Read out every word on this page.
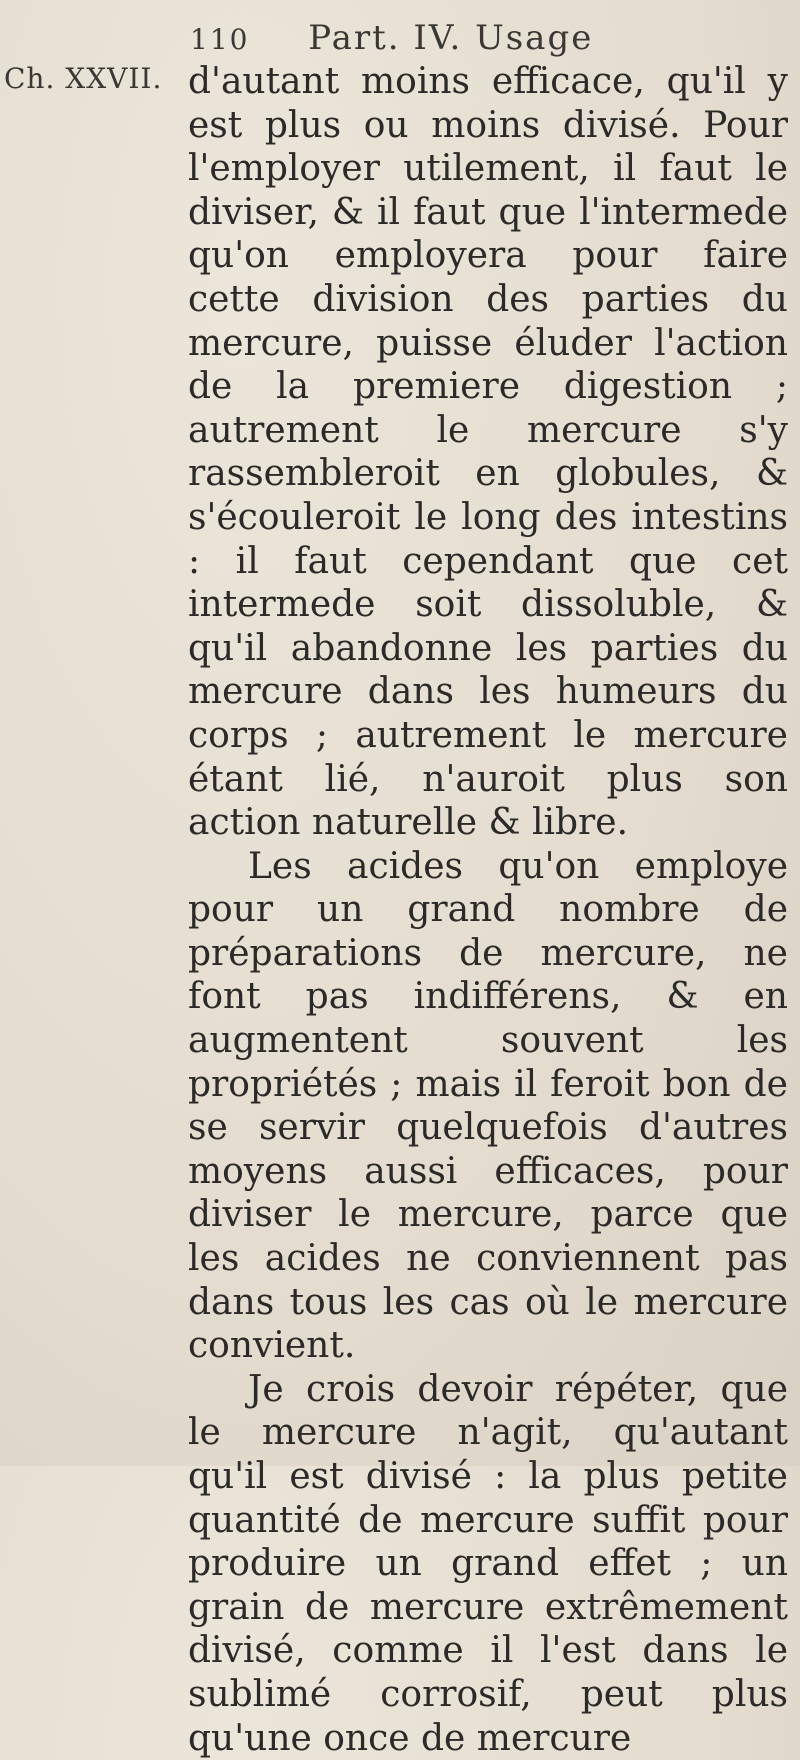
110 Part. IV. Usage
Ch. XXVII. d'autant moins efficace, qu'il y est plus ou moins divisé. Pour l'employer utilement, il faut le diviser, & il faut que l'intermede qu'on employera pour faire cette division des parties du mercure, puisse éluder l'action de la premiere digestion ; autrement le mercure s'y rassembleroit en globules, & s'écouleroit le long des intestins : il faut cependant que cet intermede soit dissoluble, & qu'il abandonne les parties du mercure dans les humeurs du corps ; autrement le mercure étant lié, n'auroit plus son action naturelle & libre.

Les acides qu'on employe pour un grand nombre de préparations de mercure, ne font pas indifférens, & en augmentent souvent les propriétés ; mais il feroit bon de se servir quelquefois d'autres moyens aussi efficaces, pour diviser le mercure, parce que les acides ne conviennent pas dans tous les cas où le mercure convient.

Je crois devoir répéter, que le mercure n'agit, qu'autant qu'il est divisé : la plus petite quantité de mercure suffit pour produire un grand effet ; un grain de mercure extrêmement divisé, comme il l'est dans le sublimé corrosif, peut plus qu'une once de mercure
